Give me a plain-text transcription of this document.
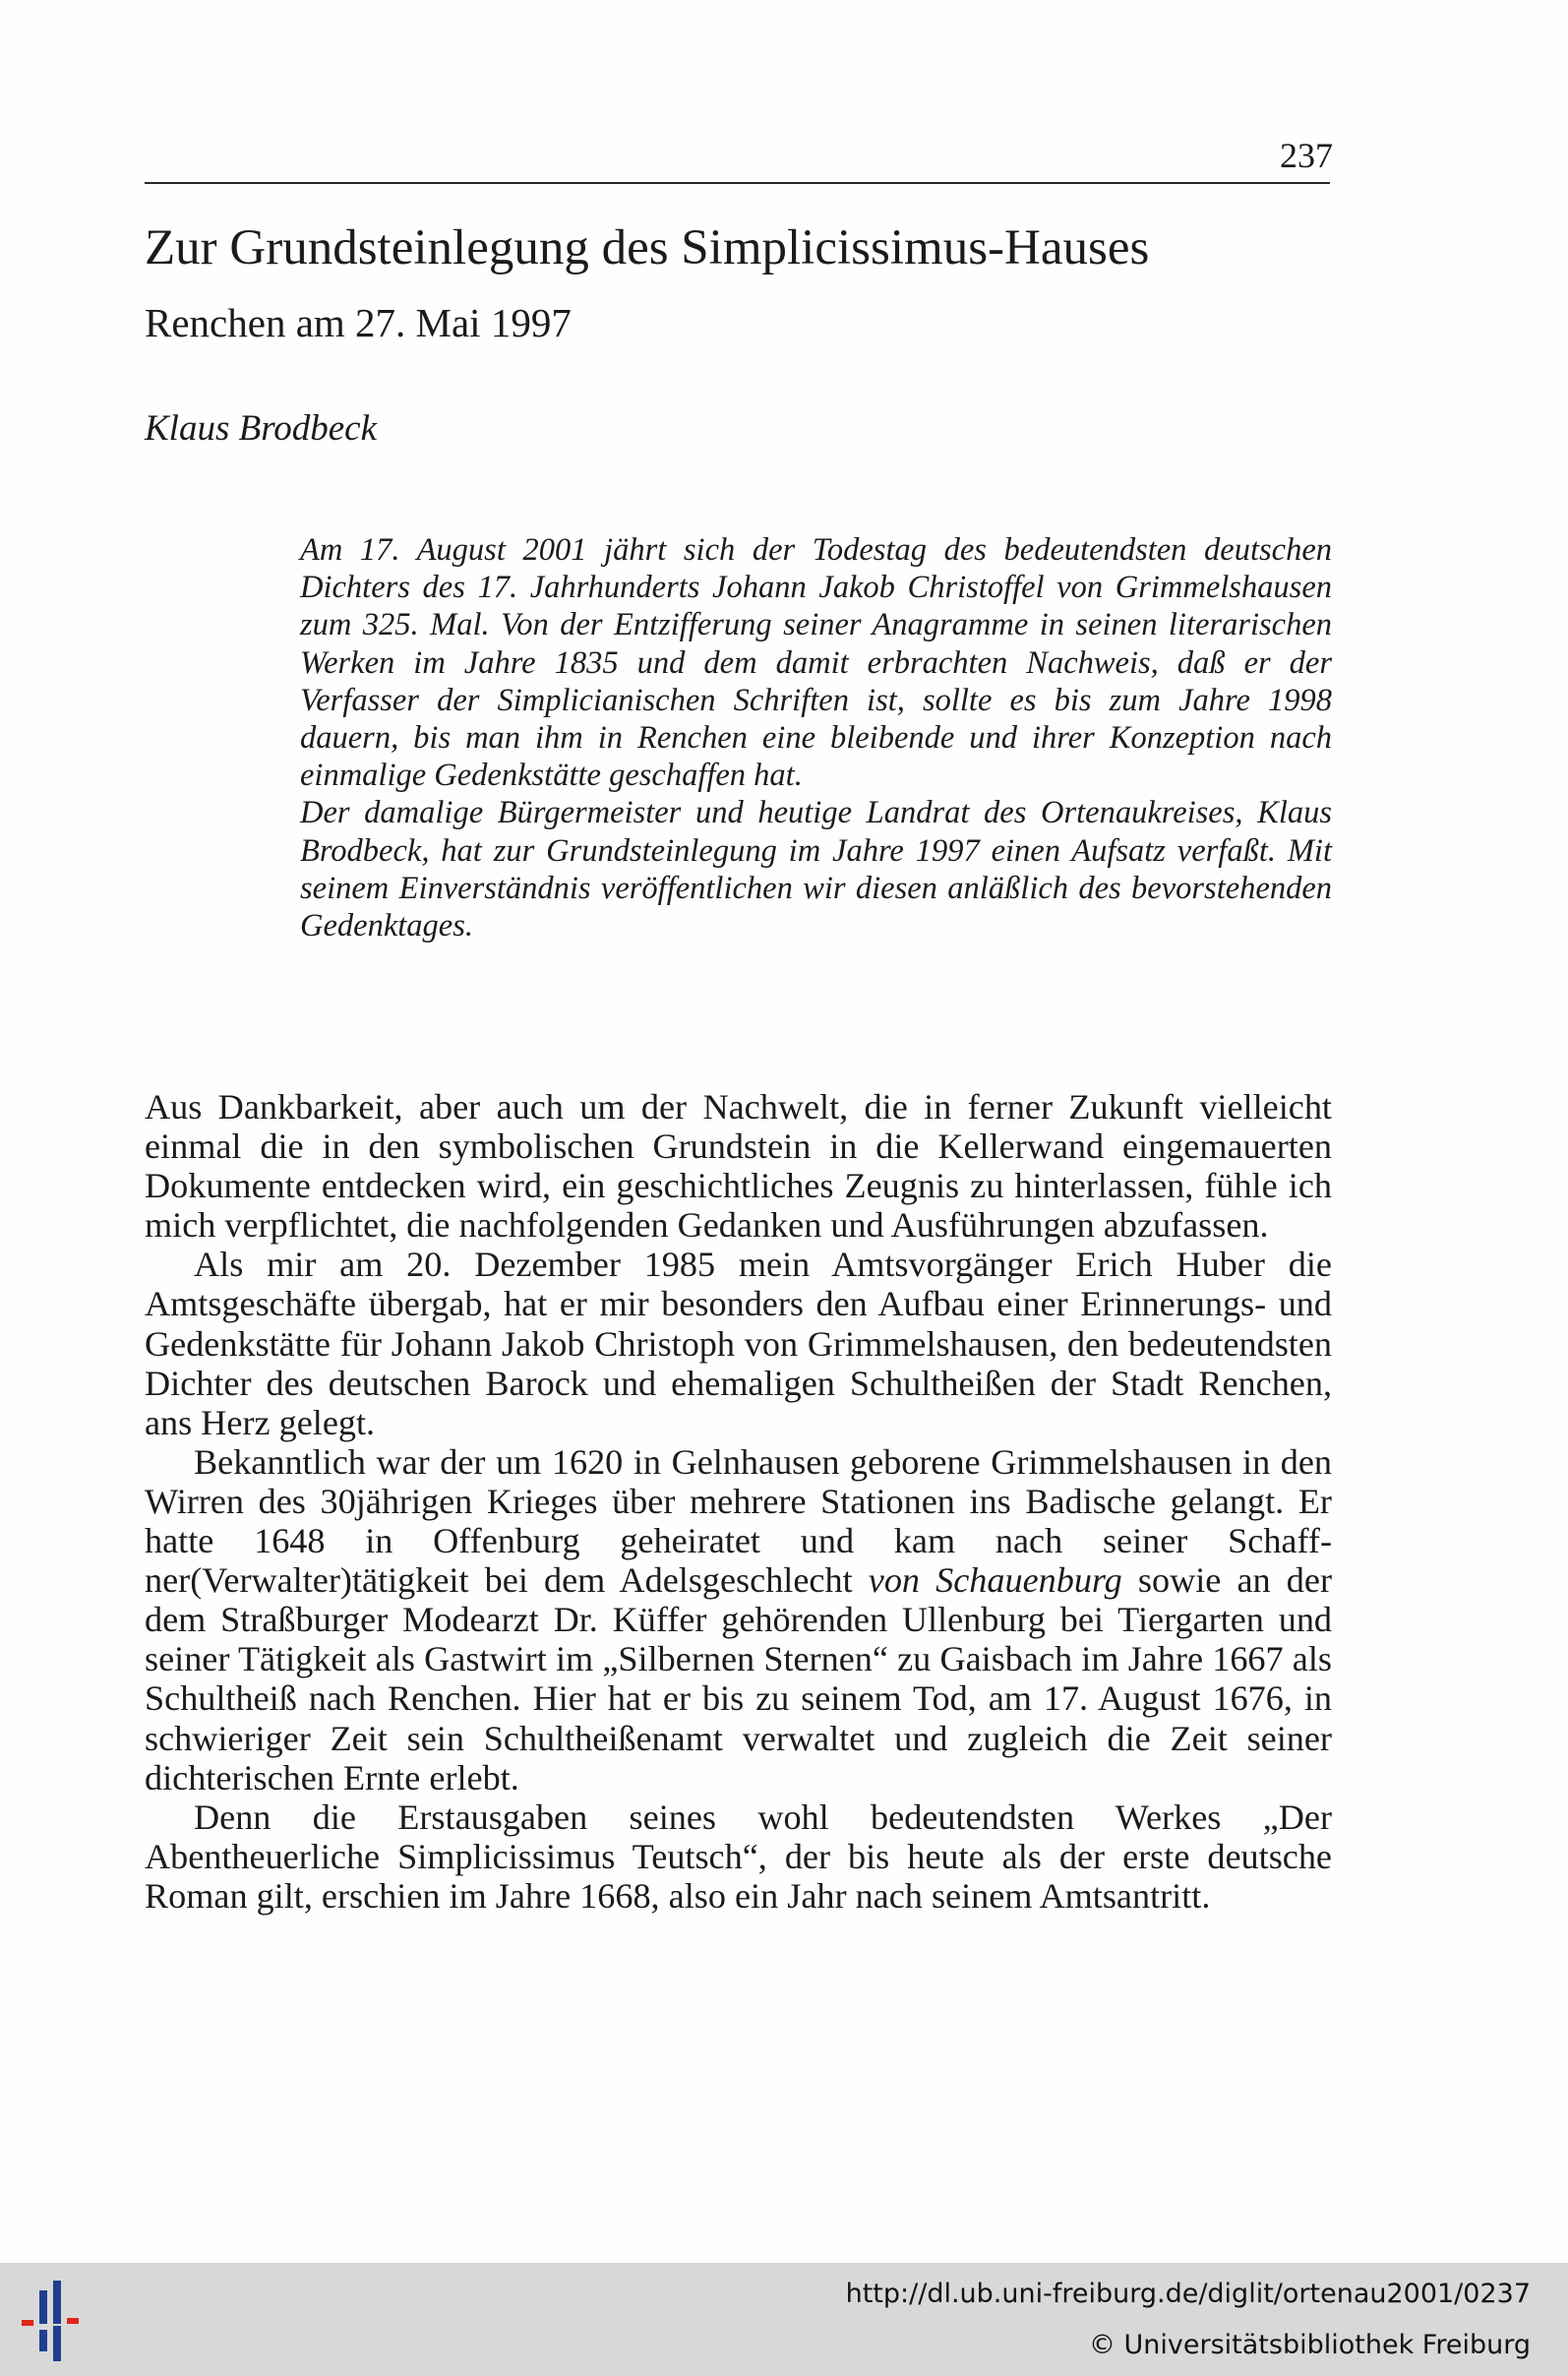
237
Zur Grundsteinlegung des Simplicissimus-Hauses
Renchen am 27. Mai 1997
Klaus Brodbeck

Am 17. August 2001 jährt sich der Todestag des bedeutendsten deutschen Dichters des 17. Jahrhunderts Johann Jakob Christoffel von Grimmelshausen zum 325. Mal. Von der Entzifferung seiner Anagramme in seinen literarischen Werken im Jahre 1835 und dem damit erbrachten Nachweis, daß er der Verfasser der Simplicianischen Schriften ist, sollte es bis zum Jahre 1998 dauern, bis man ihm in Renchen eine bleibende und ihrer Konzeption nach einmalige Gedenkstätte geschaffen hat.

Der damalige Bürgermeister und heutige Landrat des Ortenaukreises, Klaus Brodbeck, hat zur Grundsteinlegung im Jahre 1997 einen Aufsatz verfaßt. Mit seinem Einverständnis veröffentlichen wir diesen anläßlich des bevorstehenden Gedenktages.

Aus Dankbarkeit, aber auch um der Nachwelt, die in ferner Zukunft vielleicht einmal die in den symbolischen Grundstein in die Kellerwand eingemauerten Dokumente entdecken wird, ein geschichtliches Zeugnis zu hinterlassen, fühle ich mich verpflichtet, die nachfolgenden Gedanken und Ausführungen abzufassen.

Als mir am 20. Dezember 1985 mein Amtsvorgänger Erich Huber die Amtsgeschäfte übergab, hat er mir besonders den Aufbau einer Erinnerungs- und Gedenkstätte für Johann Jakob Christoph von Grimmelshausen, den bedeutendsten Dichter des deutschen Barock und ehemaligen Schultheißen der Stadt Renchen, ans Herz gelegt.

Bekanntlich war der um 1620 in Gelnhausen geborene Grimmelshausen in den Wirren des 30jährigen Krieges über mehrere Stationen ins Badische gelangt. Er hatte 1648 in Offenburg geheiratet und kam nach seiner Schaffner(Verwalter)tätigkeit bei dem Adelsgeschlecht von Schauenburg sowie an der dem Straßburger Modearzt Dr. Küffer gehörenden Ullenburg bei Tiergarten und seiner Tätigkeit als Gastwirt im „Silbernen Sternen“ zu Gaisbach im Jahre 1667 als Schultheiß nach Renchen. Hier hat er bis zu seinem Tod, am 17. August 1676, in schwieriger Zeit sein Schultheißenamt verwaltet und zugleich die Zeit seiner dichterischen Ernte erlebt.

Denn die Erstausgaben seines wohl bedeutendsten Werkes „Der Abentheuerliche Simplicissimus Teutsch“, der bis heute als der erste deutsche Roman gilt, erschien im Jahre 1668, also ein Jahr nach seinem Amtsantritt.

http://dl.ub.uni-freiburg.de/diglit/ortenau2001/0237
© Universitätsbibliothek Freiburg
